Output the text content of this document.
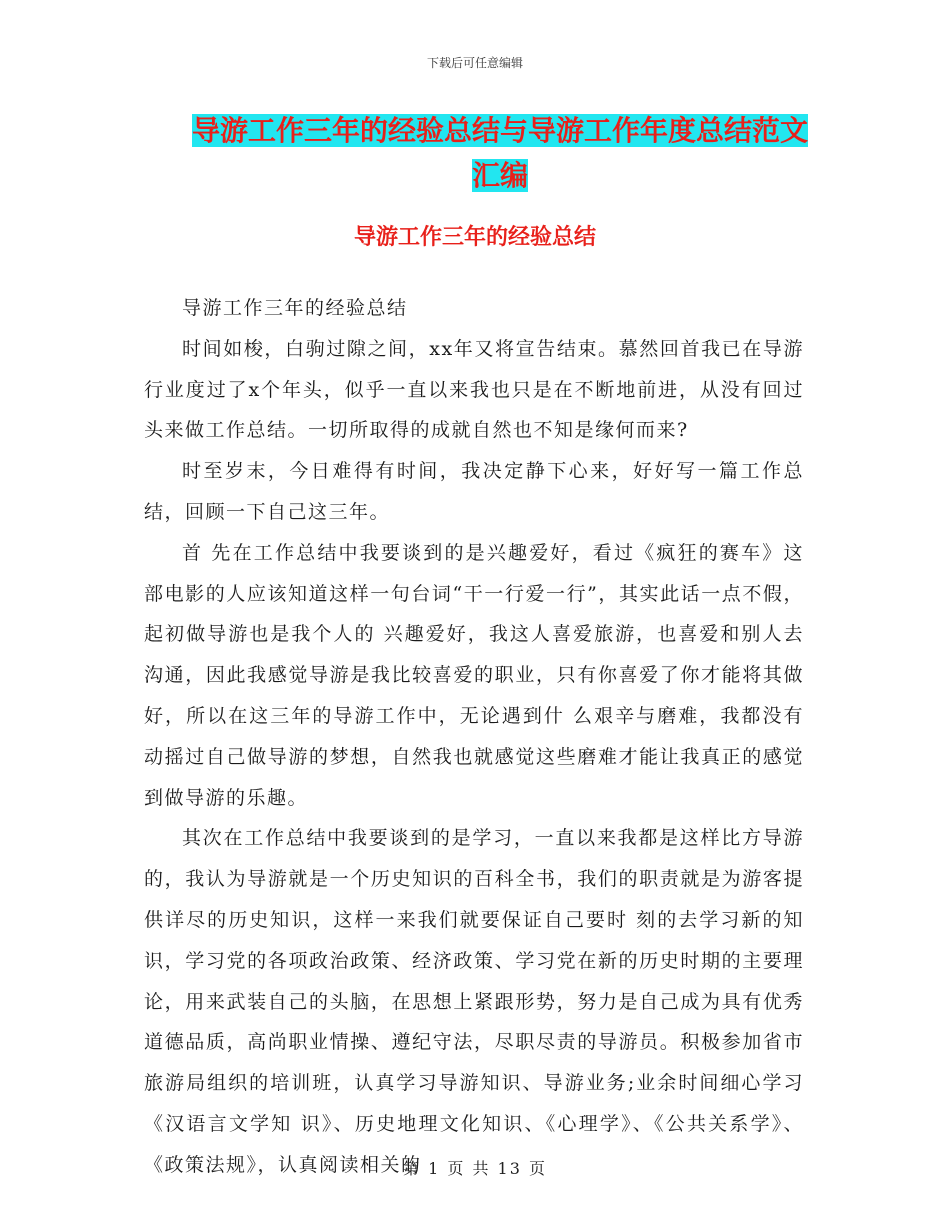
下载后可任意编辑
导游工作三年的经验总结与导游工作年度总结范文汇编
导游工作三年的经验总结

导游工作三年的经验总结

时间如梭，白驹过隙之间，xx年又将宣告结束。慕然回首我已在导游行业度过了x个年头，似乎一直以来我也只是在不断地前进，从没有回过头来做工作总结。一切所取得的成就自然也不知是缘何而来?

时至岁末，今日难得有时间，我决定静下心来，好好写一篇工作总结，回顾一下自己这三年。

首 先在工作总结中我要谈到的是兴趣爱好，看过《疯狂的赛车》这部电影的人应该知道这样一句台词“干一行爱一行”，其实此话一点不假，起初做导游也是我个人的 兴趣爱好，我这人喜爱旅游，也喜爱和别人去沟通，因此我感觉导游是我比较喜爱的职业，只有你喜爱了你才能将其做好，所以在这三年的导游工作中，无论遇到什 么艰辛与磨难，我都没有动摇过自己做导游的梦想，自然我也就感觉这些磨难才能让我真正的感觉到做导游的乐趣。

其次在工作总结中我要谈到的是学习，一直以来我都是这样比方导游的，我认为导游就是一个历史知识的百科全书，我们的职责就是为游客提供详尽的历史知识，这样一来我们就要保证自己要时 刻的去学习新的知识，学习党的各项政治政策、经济政策、学习党在新的历史时期的主要理论，用来武装自己的头脑，在思想上紧跟形势，努力是自己成为具有优秀 道德品质，高尚职业情操、遵纪守法，尽职尽责的导游员。积极参加省市旅游局组织的培训班，认真学习导游知识、导游业务;业余时间细心学习《汉语言文学知 识》、历史地理文化知识、《心理学》、《公共关系学》、《政策法规》，认真阅读相关的

第 1 页 共 13 页
